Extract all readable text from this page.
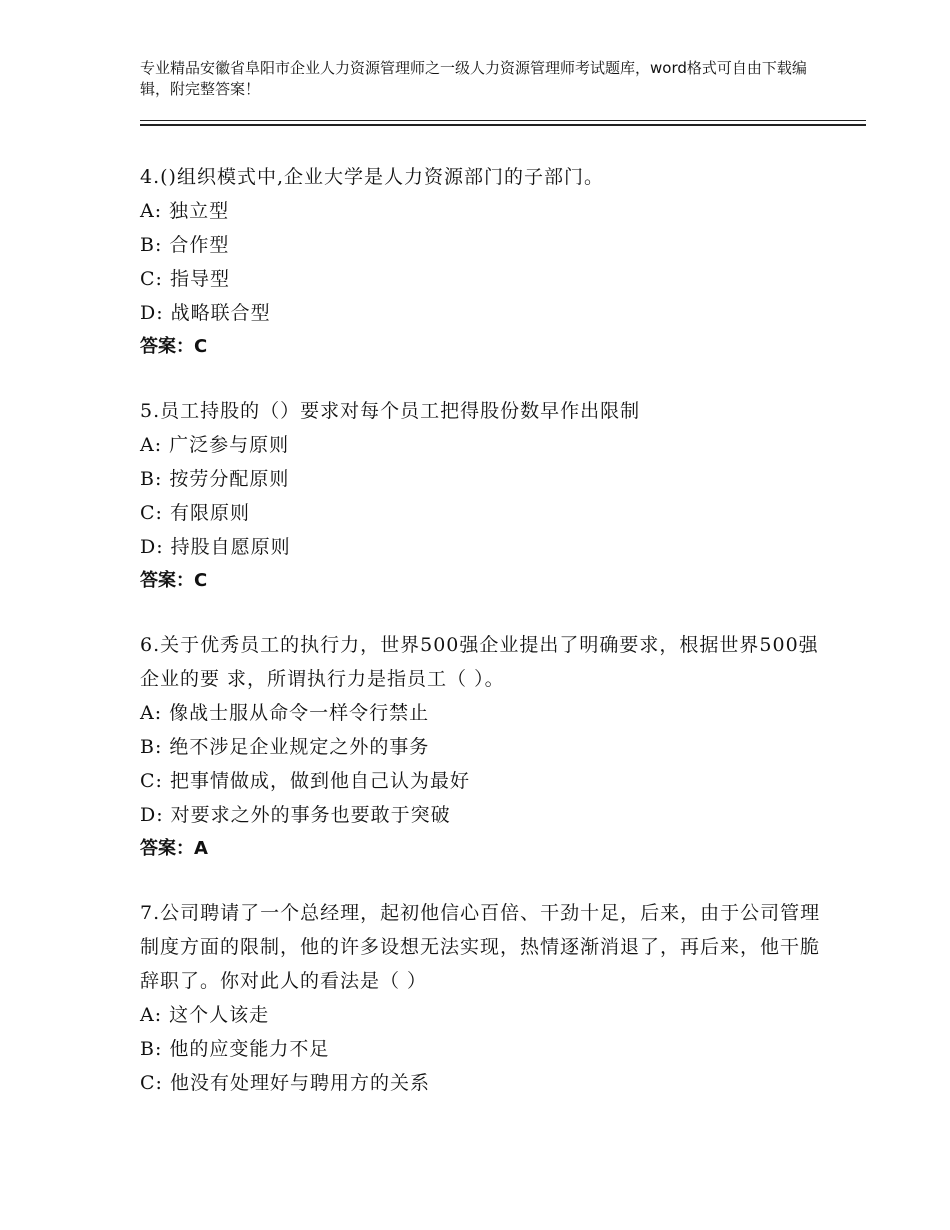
专业精品安徽省阜阳市企业人力资源管理师之一级人力资源管理师考试题库，word格式可自由下载编辑，附完整答案！
4.()组织模式中,企业大学是人力资源部门的子部门。
A: 独立型
B: 合作型
C: 指导型
D: 战略联合型
答案：C
5.员工持股的（）要求对每个员工把得股份数早作出限制
A: 广泛参与原则
B: 按劳分配原则
C: 有限原则
D: 持股自愿原则
答案：C
6.关于优秀员工的执行力，世界500强企业提出了明确要求，根据世界500强企业的要 求，所谓执行力是指员工（ ）。
A: 像战士服从命令一样令行禁止
B: 绝不涉足企业规定之外的事务
C: 把事情做成，做到他自己认为最好
D: 对要求之外的事务也要敢于突破
答案：A
7.公司聘请了一个总经理，起初他信心百倍、干劲十足，后来，由于公司管理制度方面的限制，他的许多设想无法实现，热情逐渐消退了，再后来，他干脆辞职了。你对此人的看法是（ ）
A: 这个人该走
B: 他的应变能力不足
C: 他没有处理好与聘用方的关系
